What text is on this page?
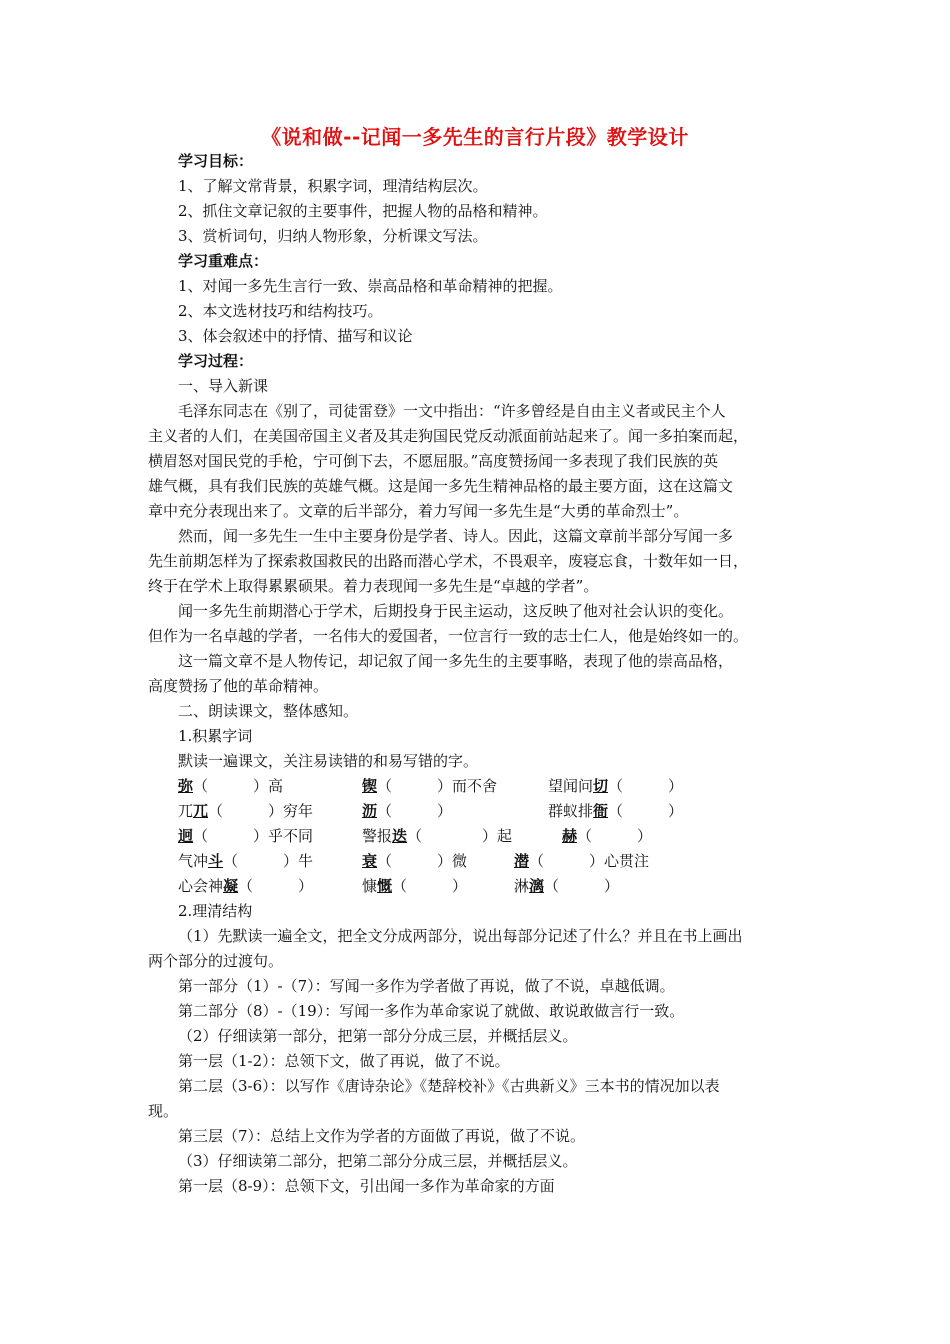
《说和做--记闻一多先生的言行片段》教学设计
学习目标：
1、了解文常背景，积累字词，理清结构层次。
2、抓住文章记叙的主要事件，把握人物的品格和精神。
3、赏析词句，归纳人物形象，分析课文写法。
学习重难点：
1、对闻一多先生言行一致、崇高品格和革命精神的把握。
2、本文选材技巧和结构技巧。
3、体会叙述中的抒情、描写和议论
学习过程：
一、导入新课
毛泽东同志在《别了，司徒雷登》一文中指出：“许多曾经是自由主义者或民主个人
主义者的人们，在美国帝国主义者及其走狗国民党反动派面前站起来了。闻一多拍案而起，
横眉怒对国民党的手枪，宁可倒下去，不愿屈服。”高度赞扬闻一多表现了我们民族的英
雄气概，具有我们民族的英雄气概。这是闻一多先生精神品格的最主要方面，这在这篇文
章中充分表现出来了。文章的后半部分，着力写闻一多先生是“大勇的革命烈士”。
然而，闻一多先生一生中主要身份是学者、诗人。因此，这篇文章前半部分写闻一多
先生前期怎样为了探索救国救民的出路而潜心学术，不畏艰辛，废寝忘食，十数年如一日，
终于在学术上取得累累硕果。着力表现闻一多先生是“卓越的学者”。
闻一多先生前期潜心于学术，后期投身于民主运动，这反映了他对社会认识的变化。
但作为一名卓越的学者，一名伟大的爱国者，一位言行一致的志士仁人，他是始终如一的。
这一篇文章不是人物传记，却记叙了闻一多先生的主要事略，表现了他的崇高品格，
高度赞扬了他的革命精神。
二、朗读课文，整体感知。
1.积累字词
默读一遍课文，关注易读错的和易写错的字。
弥（　　　）高	锲（　　　）而不舍	望闻问切（　　　）
兀兀（　　　）穷年	沥（　　　）	群蚁排衙（　　　）
迥（　　　）乎不同	警报迭（　　　　）起	赫（　　　）
气冲斗（　　　）牛	衰（　　　）微	潜（　　　）心贯注
心会神凝（　　　）	慷慨（　　　）	淋漓（　　　）
2.理清结构
（1）先默读一遍全文，把全文分成两部分，说出每部分记述了什么？并且在书上画出
两个部分的过渡句。
第一部分（1）-（7）：写闻一多作为学者做了再说，做了不说，卓越低调。
第二部分（8）-（19）：写闻一多作为革命家说了就做、敢说敢做言行一致。
（2）仔细读第一部分，把第一部分分成三层，并概括层义。
第一层（1-2）：总领下文，做了再说，做了不说。
第二层（3-6）：以写作《唐诗杂论》《楚辞校补》《古典新义》三本书的情况加以表
现。
第三层（7）：总结上文作为学者的方面做了再说，做了不说。
（3）仔细读第二部分，把第二部分分成三层，并概括层义。
第一层（8-9）：总领下文，引出闻一多作为革命家的方面
